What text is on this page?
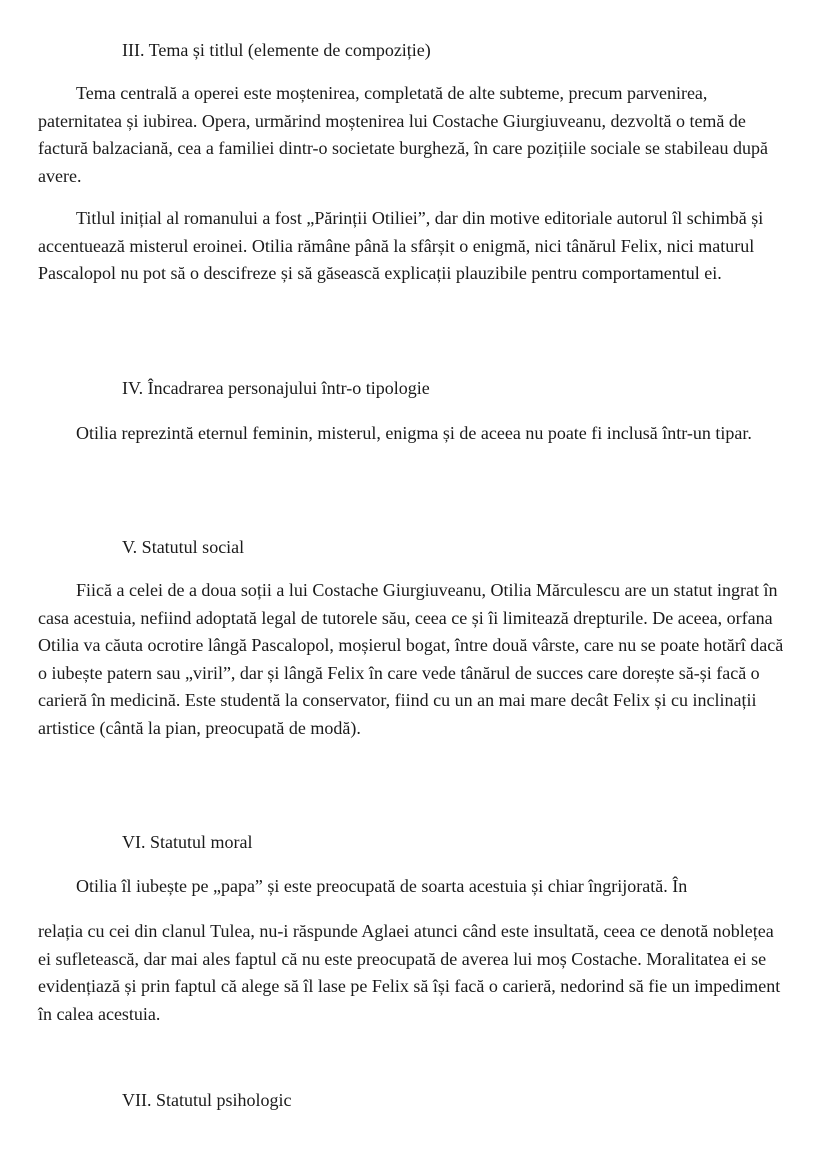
III. Tema și titlul (elemente de compoziție)

Tema centrală a operei este moștenirea, completată de alte subteme, precum parvenirea, paternitatea și iubirea. Opera, urmărind moștenirea lui Costache Giurgiuveanu, dezvoltă o temă de factură balzaciană, cea a familiei dintr-o societate burgheză, în care pozițiile sociale se stabileau după avere.

Titlul inițial al romanului a fost „Părinții Otiliei”, dar din motive editoriale autorul îl schimbă și accentuează misterul eroinei. Otilia rămâne până la sfârșit o enigmă, nici tânărul Felix, nici maturul Pascalopol nu pot să o descifreze și să găsească explicații plauzibile pentru comportamentul ei.

IV. Încadrarea personajului într-o tipologie

Otilia reprezintă eternul feminin, misterul, enigma și de aceea nu poate fi inclusă într-un tipar.

V. Statutul social

Fiică a celei de a doua soții a lui Costache Giurgiuveanu, Otilia Mărculescu are un statut ingrat în casa acestuia, nefiind adoptată legal de tutorele său, ceea ce și îi limitează drepturile. De aceea, orfana Otilia va căuta ocrotire lângă Pascalopol, moșierul bogat, între două vârste, care nu se poate hotărî dacă o iubește patern sau „viril”, dar și lângă Felix în care vede tânărul de succes care dorește să-și facă o carieră în medicină. Este studentă la conservator, fiind cu un an mai mare decât Felix și cu inclinații artistice (cântă la pian, preocupată de modă).

VI. Statutul moral

Otilia îl iubește pe „papa” și este preocupată de soarta acestuia și chiar îngrijorată. În

relația cu cei din clanul Tulea, nu-i răspunde Aglaei atunci când este insultată, ceea ce denotă noblețea ei sufletească, dar mai ales faptul că nu este preocupată de averea lui moș Costache. Moralitatea ei se evidențiază și prin faptul că alege să îl lase pe Felix să își facă o carieră, nedorind să fie un impediment în calea acestuia.

VII. Statutul psihologic
